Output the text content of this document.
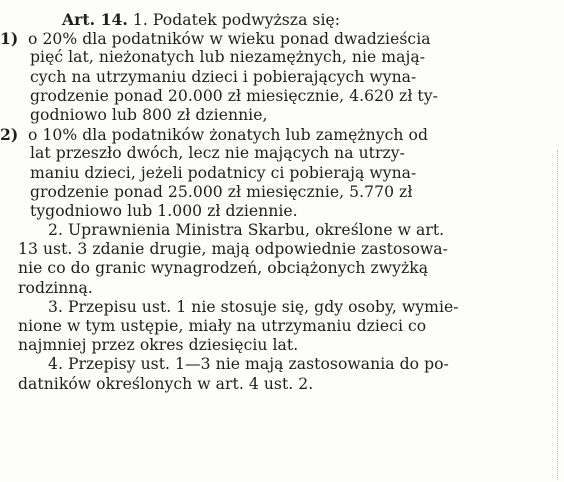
Art. 14. 1. Podatek podwyższa się:
1) o 20% dla podatników w wieku ponad dwadzieścia
pięć lat, nieżonatych lub niezamężnych, nie mają-
cych na utrzymaniu dzieci i pobierających wyna-
grodzenie ponad 20.000 zł miesięcznie, 4.620 zł ty-
godniowo lub 800 zł dziennie,
2) o 10% dla podatników żonatych lub zamężnych od
lat przeszło dwóch, lecz nie mających na utrzy-
maniu dzieci, jeżeli podatnicy ci pobierają wyna-
grodzenie ponad 25.000 zł miesięcznie, 5.770 zł
tygodniowo lub 1.000 zł dziennie.
2. Uprawnienia Ministra Skarbu, określone w art.
13 ust. 3 zdanie drugie, mają odpowiednie zastosowa-
nie co do granic wynagrodzeń, obciążonych zwyżką
rodzinną.
3. Przepisu ust. 1 nie stosuje się, gdy osoby, wymie-
nione w tym ustępie, miały na utrzymaniu dzieci co
najmniej przez okres dziesięciu lat.
4. Przepisy ust. 1—3 nie mają zastosowania do po-
datników określonych w art. 4 ust. 2.
